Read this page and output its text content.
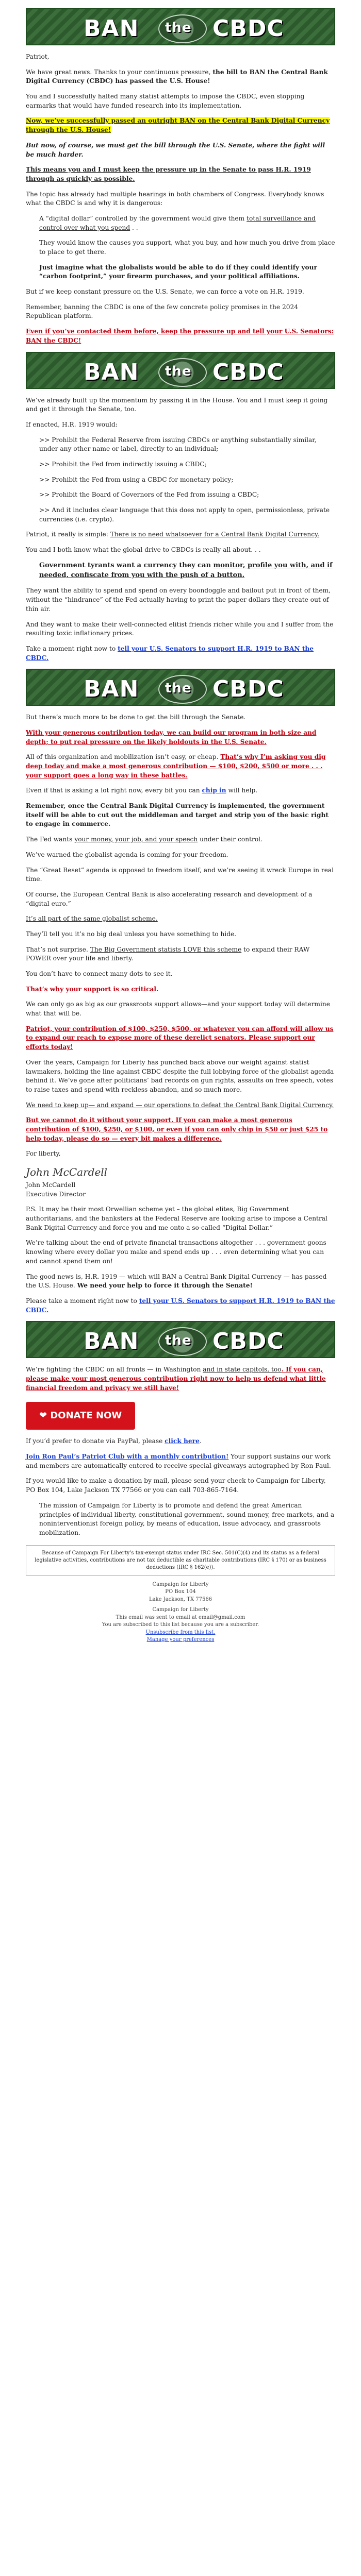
BAN the CBDC

Patriot,

We have great news. Thanks to your continuous pressure, the bill to BAN the Central Bank Digital Currency (CBDC) has passed the U.S. House!

You and I successfully halted many statist attempts to impose the CBDC, even stopping earmarks that would have funded research into its implementation.

Now, we’ve successfully passed an outright BAN on the Central Bank Digital Currency through the U.S. House!

But now, of course, we must get the bill through the U.S. Senate, where the fight will be much harder.

This means you and I must keep the pressure up in the Senate to pass H.R. 1919 through as quickly as possible.

The topic has already had multiple hearings in both chambers of Congress. Everybody knows what the CBDC is and why it is dangerous:

A “digital dollar” controlled by the government would give them total surveillance and control over what you spend . .

They would know the causes you support, what you buy, and how much you drive from place to place to get there.

Just imagine what the globalists would be able to do if they could identify your “carbon footprint,” your firearm purchases, and your political affiliations.

But if we keep constant pressure on the U.S. Senate, we can force a vote on H.R. 1919.

Remember, banning the CBDC is one of the few concrete policy promises in the 2024 Republican platform.

Even if you’ve contacted them before, keep the pressure up and tell your U.S. Senators: BAN the CBDC!

BAN the CBDC

We’ve already built up the momentum by passing it in the House. You and I must keep it going and get it through the Senate, too.

If enacted, H.R. 1919 would:

>> Prohibit the Federal Reserve from issuing CBDCs or anything substantially similar, under any other name or label, directly to an individual;

>> Prohibit the Fed from indirectly issuing a CBDC;

>> Prohibit the Fed from using a CBDC for monetary policy;

>> Prohibit the Board of Governors of the Fed from issuing a CBDC;

>> And it includes clear language that this does not apply to open, permissionless, private currencies (i.e. crypto).

Patriot, it really is simple: There is no need whatsoever for a Central Bank Digital Currency.

You and I both know what the global drive to CBDCs is really all about. . .

Government tyrants want a currency they can monitor, profile you with, and if needed, confiscate from you with the push of a button.

They want the ability to spend and spend on every boondoggle and bailout put in front of them, without the “hindrance” of the Fed actually having to print the paper dollars they create out of thin air.

And they want to make their well-connected elitist friends richer while you and I suffer from the resulting toxic inflationary prices.

Take a moment right now to tell your U.S. Senators to support H.R. 1919 to BAN the CBDC.

BAN the CBDC

But there’s much more to be done to get the bill through the Senate.

With your generous contribution today, we can build our program in both size and depth; to put real pressure on the likely holdouts in the U.S. Senate.

All of this organization and mobilization isn’t easy, or cheap. That’s why I’m asking you dig deep today and make a most generous contribution — $100, $200, $500 or more . . . your support goes a long way in these battles.

Even if that is asking a lot right now, every bit you can chip in will help.

Remember, once the Central Bank Digital Currency is implemented, the government itself will be able to cut out the middleman and target and strip you of the basic right to engage in commerce.

The Fed wants your money, your job, and your speech under their control.

We’ve warned the globalist agenda is coming for your freedom.

The “Great Reset” agenda is opposed to freedom itself, and we’re seeing it wreck Europe in real time.

Of course, the European Central Bank is also accelerating research and development of a “digital euro.”

It’s all part of the same globalist scheme.

They’ll tell you it’s no big deal unless you have something to hide.

That’s not surprise. The Big Government statists LOVE this scheme to expand their RAW POWER over your life and liberty.

You don’t have to connect many dots to see it.

That’s why your support is so critical.

We can only go as big as our grassroots support allows—and your support today will determine what that will be.

Patriot, your contribution of $100, $250, $500, or whatever you can afford will allow us to expand our reach to expose more of these derelict senators. Please support our efforts today!

Over the years, Campaign for Liberty has punched back above our weight against statist lawmakers, holding the line against CBDC despite the full lobbying force of the globalist agenda behind it. We’ve gone after politicians’ bad records on gun rights, assaults on free speech, votes to raise taxes and spend with reckless abandon, and so much more.

We need to keep up— and expand — our operations to defeat the Central Bank Digital Currency.

But we cannot do it without your support. If you can make a most generous contribution of $100, $250, or $100, or even if you can only chip in $50 or just $25 to help today, please do so — every bit makes a difference.

For liberty,

John McCardell
John McCardell

Executive Director

P.S. It may be their most Orwellian scheme yet – the global elites, Big Government authoritarians, and the banksters at the Federal Reserve are looking arise to impose a Central Bank Digital Currency and force you and me onto a so-called “Digital Dollar.”

We’re talking about the end of private financial transactions altogether . . . government goons knowing where every dollar you make and spend ends up . . . even determining what you can and cannot spend them on!

The good news is, H.R. 1919 — which will BAN a Central Bank Digital Currency — has passed the U.S. House. We need your help to force it through the Senate!

Please take a moment right now to tell your U.S. Senators to support H.R. 1919 to BAN the CBDC.

BAN the CBDC

We’re fighting the CBDC on all fronts — in Washington and in state capitols, too. If you can, please make your most generous contribution right now to help us defend what little financial freedom and privacy we still have!

❤ DONATE NOW

If you’d prefer to donate via PayPal, please click here.

Join Ron Paul’s Patriot Club with a monthly contribution! Your support sustains our work and members are automatically entered to receive special giveaways autographed by Ron Paul.

If you would like to make a donation by mail, please send your check to Campaign for Liberty, PO Box 104, Lake Jackson TX 77566 or you can call 703-865-7164.

The mission of Campaign for Liberty is to promote and defend the great American principles of individual liberty, constitutional government, sound money, free markets, and a noninterventionist foreign policy, by means of education, issue advocacy, and grassroots mobilization.

Because of Campaign For Liberty’s tax-exempt status under IRC Sec. 501(C)(4) and its status as a federal legislative activities, contributions are not tax deductible as charitable contributions (IRC § 170) or as business deductions (IRC § 162(e)).
Campaign for Liberty
PO Box 104
Lake Jackson, TX 77566
Campaign for Liberty
This email was sent to email at email@gmail.com
You are subscribed to this list because you are a subscriber.
Unsubscribe from this list.
Manage your preferences
